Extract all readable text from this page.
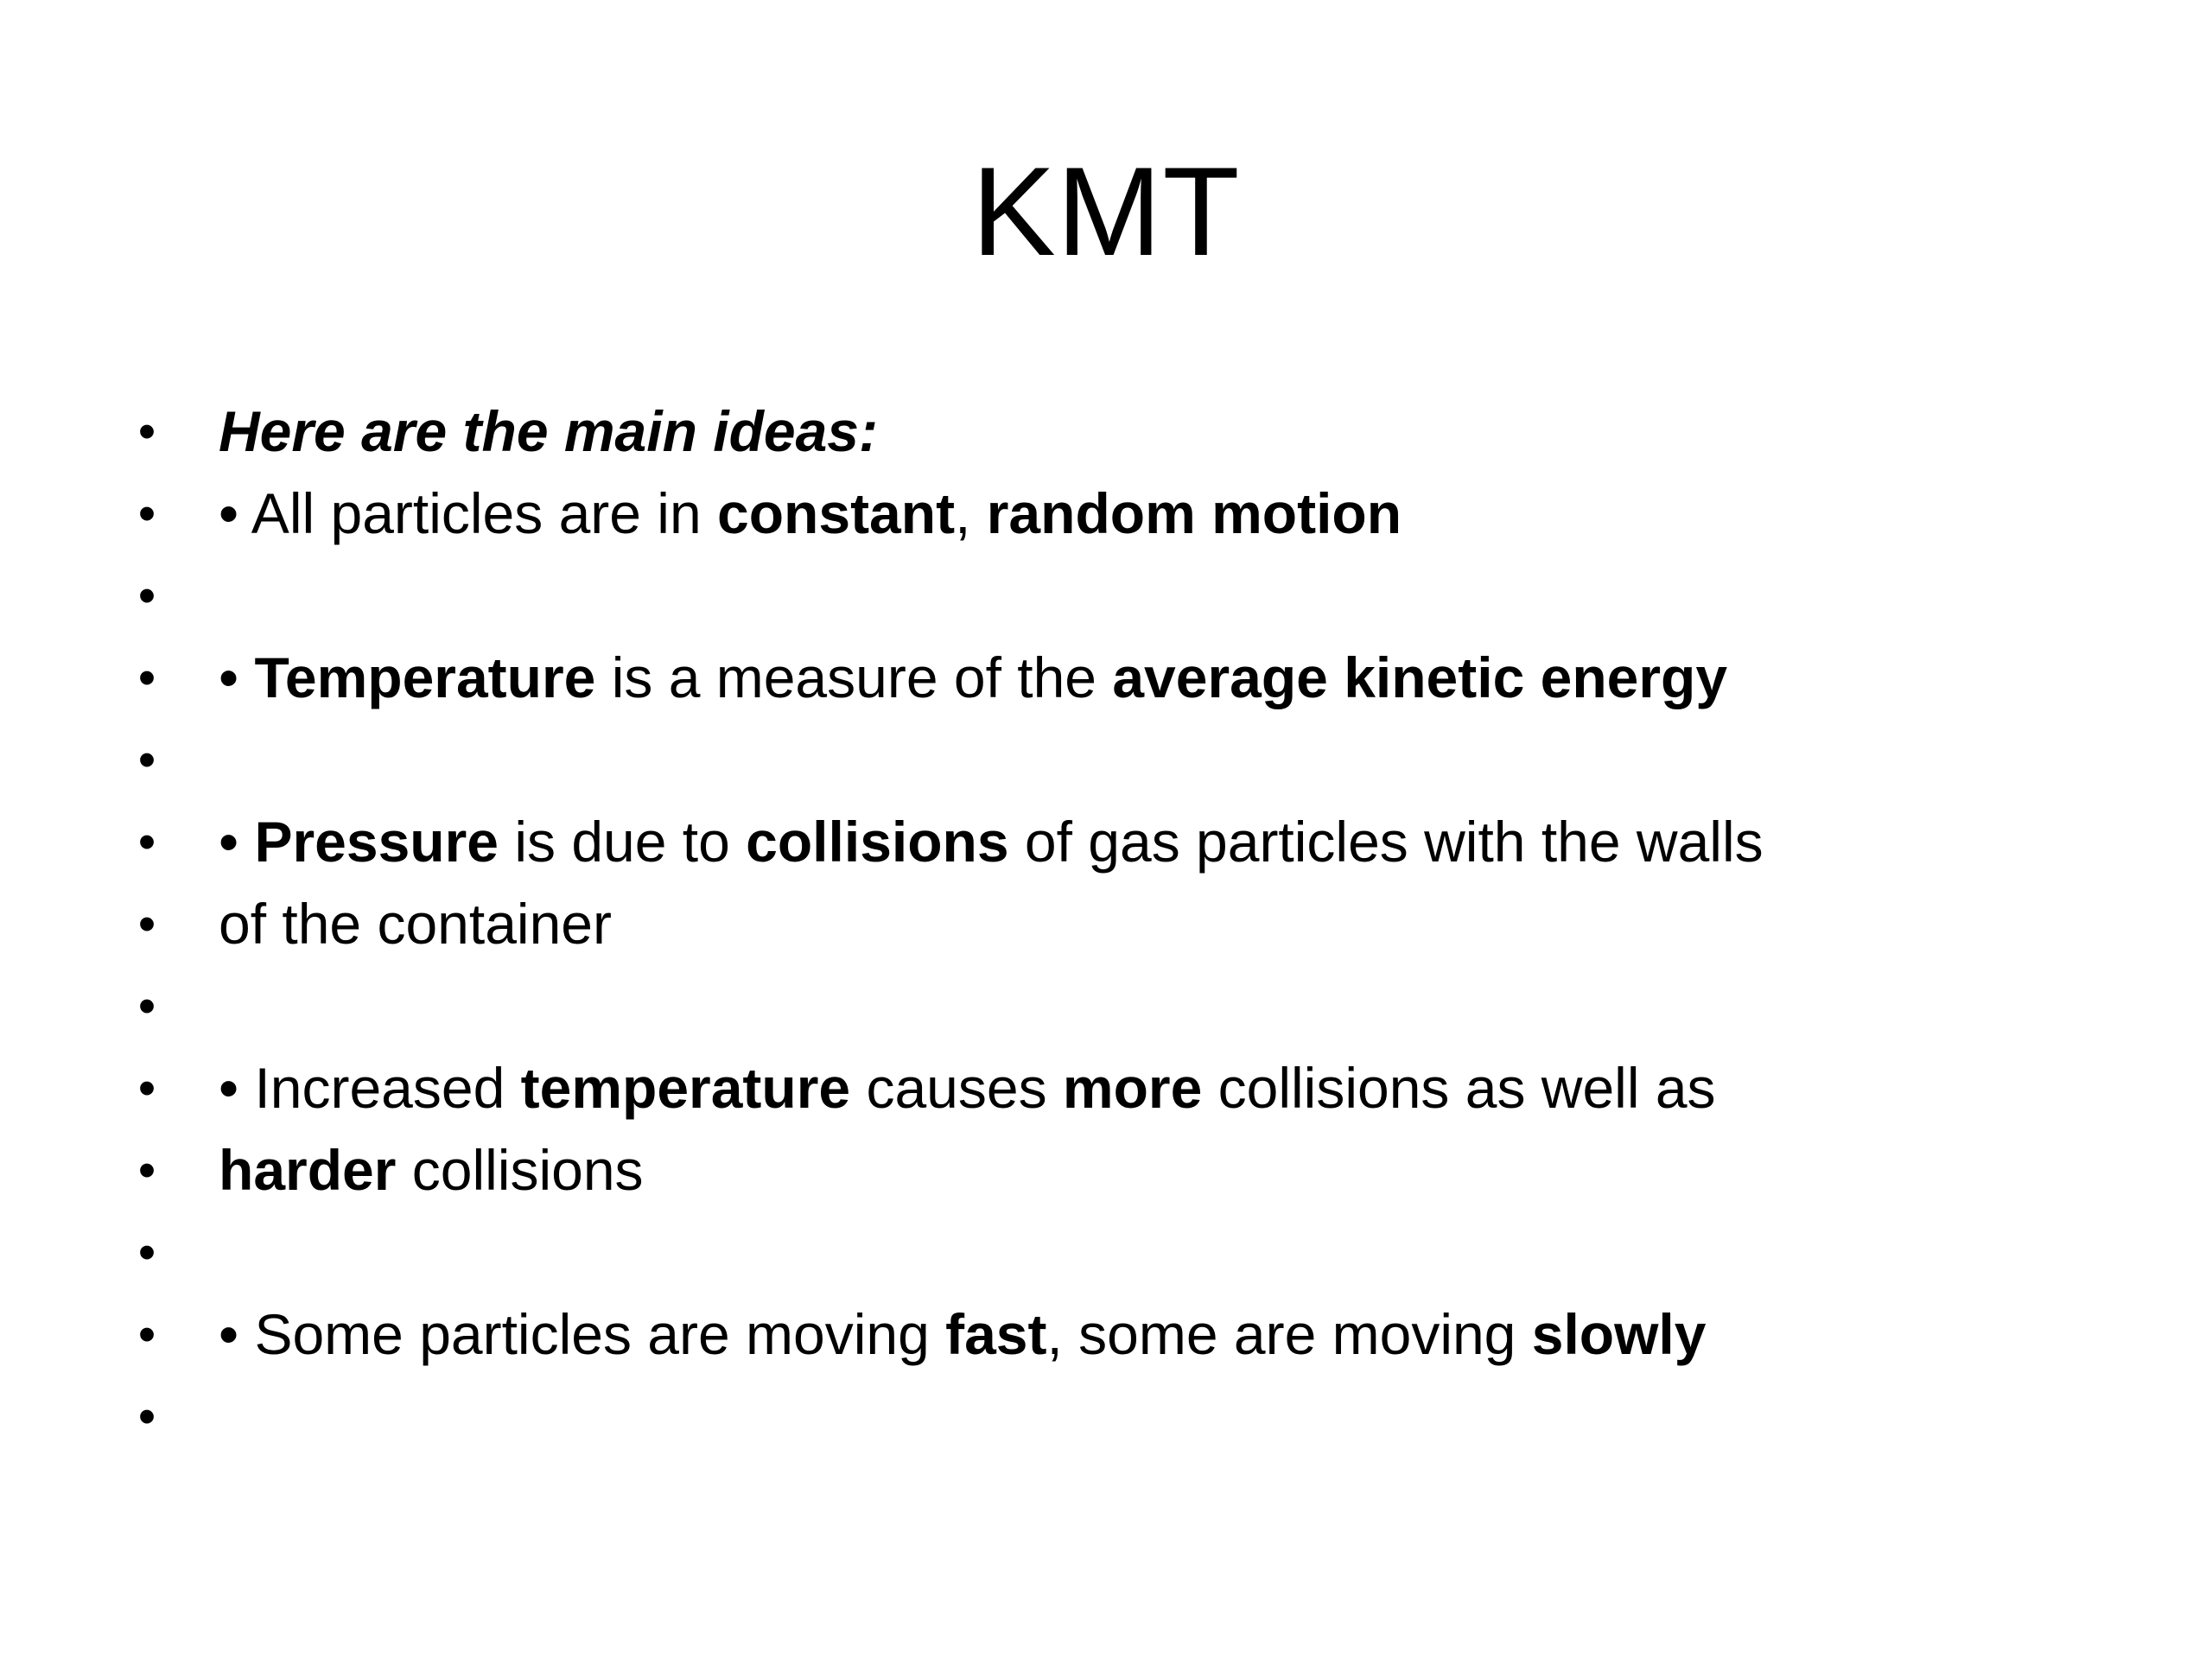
KMT
• Here are the main ideas:
• • All particles are in constant, random motion
•
• • Temperature is a measure of the average kinetic energy
•
• • Pressure is due to collisions of gas particles with the walls
• of the container
•
• • Increased temperature causes more collisions as well as
• harder collisions
•
• • Some particles are moving fast, some are moving slowly
•
